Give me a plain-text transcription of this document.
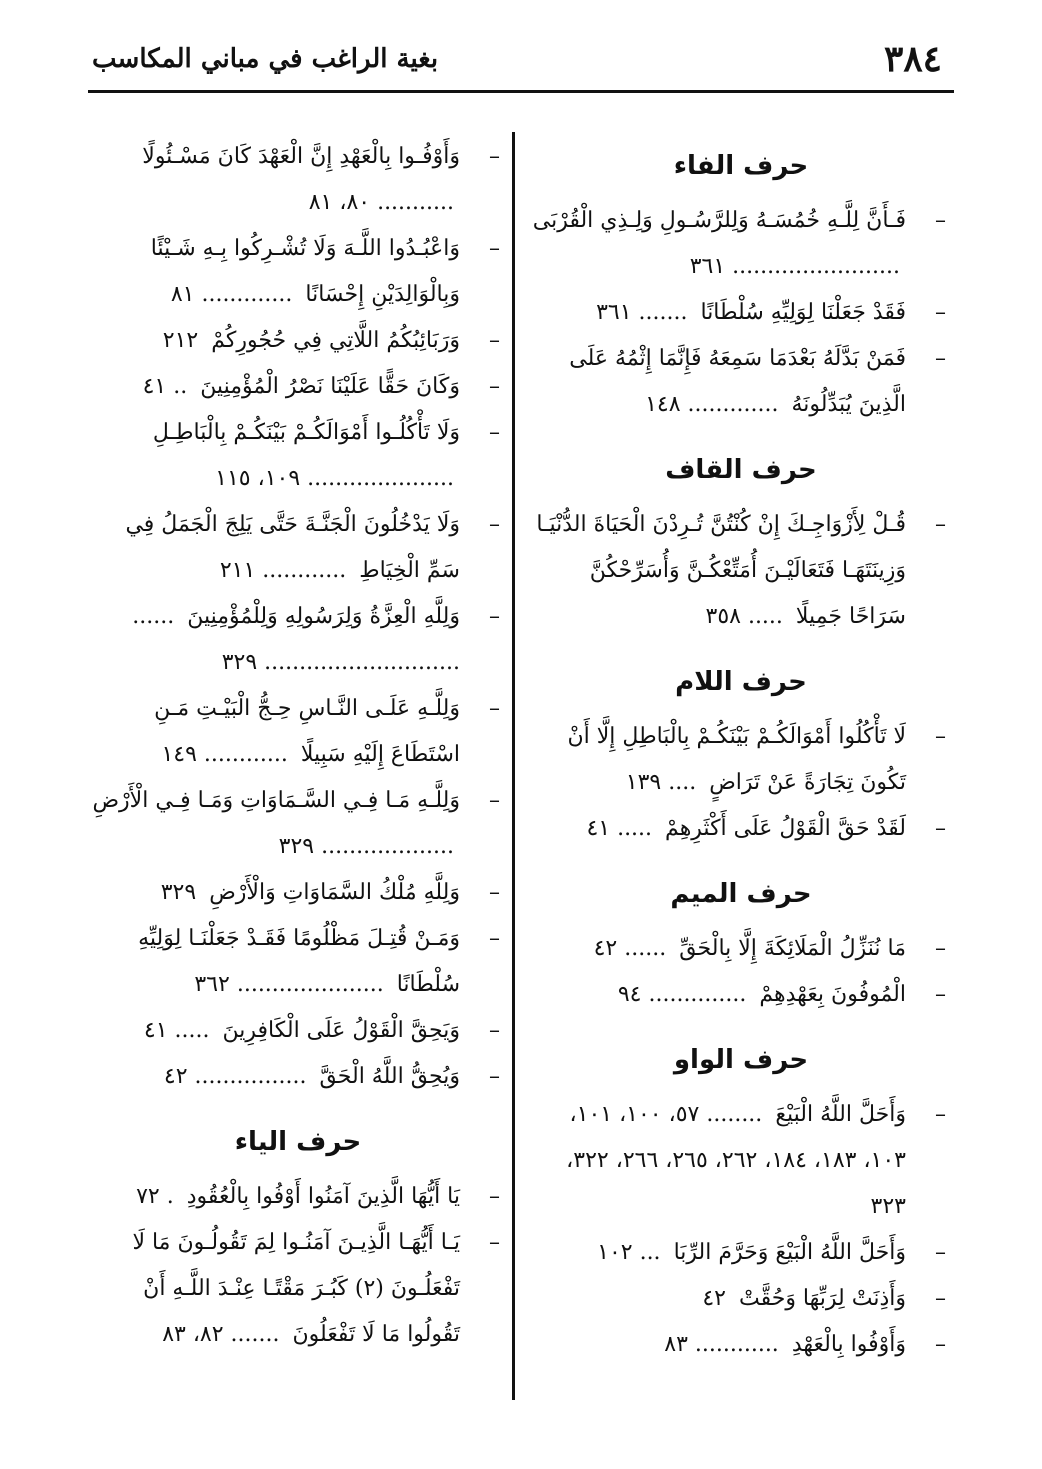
٣٨٤
بغية الراغب في مباني المكاسب
حرف الفاء
–
فَـأَنَّ لِلَّـهِ خُمُسَـهُ وَلِلرَّسُـولِ وَلِـذِي الْقُرْبَى ........................ ٣٦١
–
فَقَدْ جَعَلْنَا لِوَلِيِّهِ سُلْطَانًا ....... ٣٦١
–
فَمَنْ بَدَّلَهُ بَعْدَمَا سَمِعَهُ فَإِنَّمَا إِثْمُهُ عَلَى الَّذِينَ يُبَدِّلُونَهُ ............. ١٤٨
حرف القاف
–
قُـلْ لِأَزْوَاجِـكَ إِنْ كُنْتُنَّ تُـرِدْنَ الْحَيَاةَ الدُّنْيَـا وَزِينَتَهَـا فَتَعَالَيْـنَ أُمَتِّعْكُـنَّ وَأُسَرِّحْكُنَّ سَرَاحًا جَمِيلًا ..... ٣٥٨
حرف اللام
–
لَا تَأْكُلُوا أَمْوَالَكُـمْ بَيْنَكُـمْ بِالْبَاطِلِ إِلَّا أَنْ تَكُونَ تِجَارَةً عَنْ تَرَاضٍ .... ١٣٩
–
لَقَدْ حَقَّ الْقَوْلُ عَلَى أَكْثَرِهِمْ ..... ٤١
حرف الميم
–
مَا نُنَزِّلُ الْمَلَائِكَةَ إِلَّا بِالْحَقِّ ...... ٤٢
–
الْمُوفُونَ بِعَهْدِهِمْ .............. ٩٤
حرف الواو
–
وَأَحَلَّ اللَّهُ الْبَيْعَ ........ ٥٧، ١٠٠، ١٠١، ١٠٣، ١٨٣، ١٨٤، ٢٦٢، ٢٦٥، ٢٦٦، ٣٢٢، ٣٢٣
–
وَأَحَلَّ اللَّهُ الْبَيْعَ وَحَرَّمَ الرِّبَا ... ١٠٢
–
وَأَذِنَتْ لِرَبِّهَا وَحُقَّتْ ٤٢
–
وَأَوْفُوا بِالْعَهْدِ ............ ٨٣
–
وَأَوْفُـوا بِالْعَهْدِ إِنَّ الْعَهْدَ كَانَ مَسْـئُولًا ........... ٨٠، ٨١
–
وَاعْبُـدُوا اللَّـهَ وَلَا تُشْـرِكُوا بِـهِ شَـيْئًا وَبِالْوَالِدَيْنِ إِحْسَانًا ............. ٨١
–
وَرَبَائِبُكُمُ اللَّاتِي فِي حُجُورِكُمْ ٢١٢
–
وَكَانَ حَقًّا عَلَيْنَا نَصْرُ الْمُؤْمِنِينَ .. ٤١
–
وَلَا تَأْكُلُـوا أَمْوَالَكُـمْ بَيْنَكُـمْ بِالْبَاطِـلِ ..................... ١٠٩، ١١٥
–
وَلَا يَدْخُلُونَ الْجَنَّـةَ حَتَّى يَلِجَ الْجَمَلُ فِي سَمِّ الْخِيَاطِ ............ ٢١١
–
وَلِلَّهِ الْعِزَّةُ وَلِرَسُولِهِ وَلِلْمُؤْمِنِينَ ...... ............................ ٣٢٩
–
وَلِلَّـهِ عَلَـى النَّـاسِ حِـجُّ الْبَيْـتِ مَـنِ اسْتَطَاعَ إِلَيْهِ سَبِيلًا ............ ١٤٩
–
وَلِلَّـهِ مَـا فِـي السَّـمَاوَاتِ وَمَـا فِـي الْأَرْضِ ................... ٣٢٩
–
وَلِلَّهِ مُلْكُ السَّمَاوَاتِ وَالْأَرْضِ ٣٢٩
–
وَمَـنْ قُتِـلَ مَظْلُومًا فَقَـدْ جَعَلْنَـا لِوَلِيِّهِ سُلْطَانًا ..................... ٣٦٢
–
وَيَحِقَّ الْقَوْلُ عَلَى الْكَافِرِينَ ..... ٤١
–
وَيُحِقُّ اللَّهُ الْحَقَّ ................ ٤٢
حرف الياء
–
يَا أَيُّهَا الَّذِينَ آمَنُوا أَوْفُوا بِالْعُقُودِ . ٧٢
–
يَـا أَيُّهَـا الَّذِيـنَ آمَنُـوا لِمَ تَقُولُـونَ مَا لَا تَفْعَلُـونَ (٢) كَبُـرَ مَقْتًـا عِنْـدَ اللَّـهِ أَنْ تَقُولُوا مَا لَا تَفْعَلُونَ ....... ٨٢، ٨٣
